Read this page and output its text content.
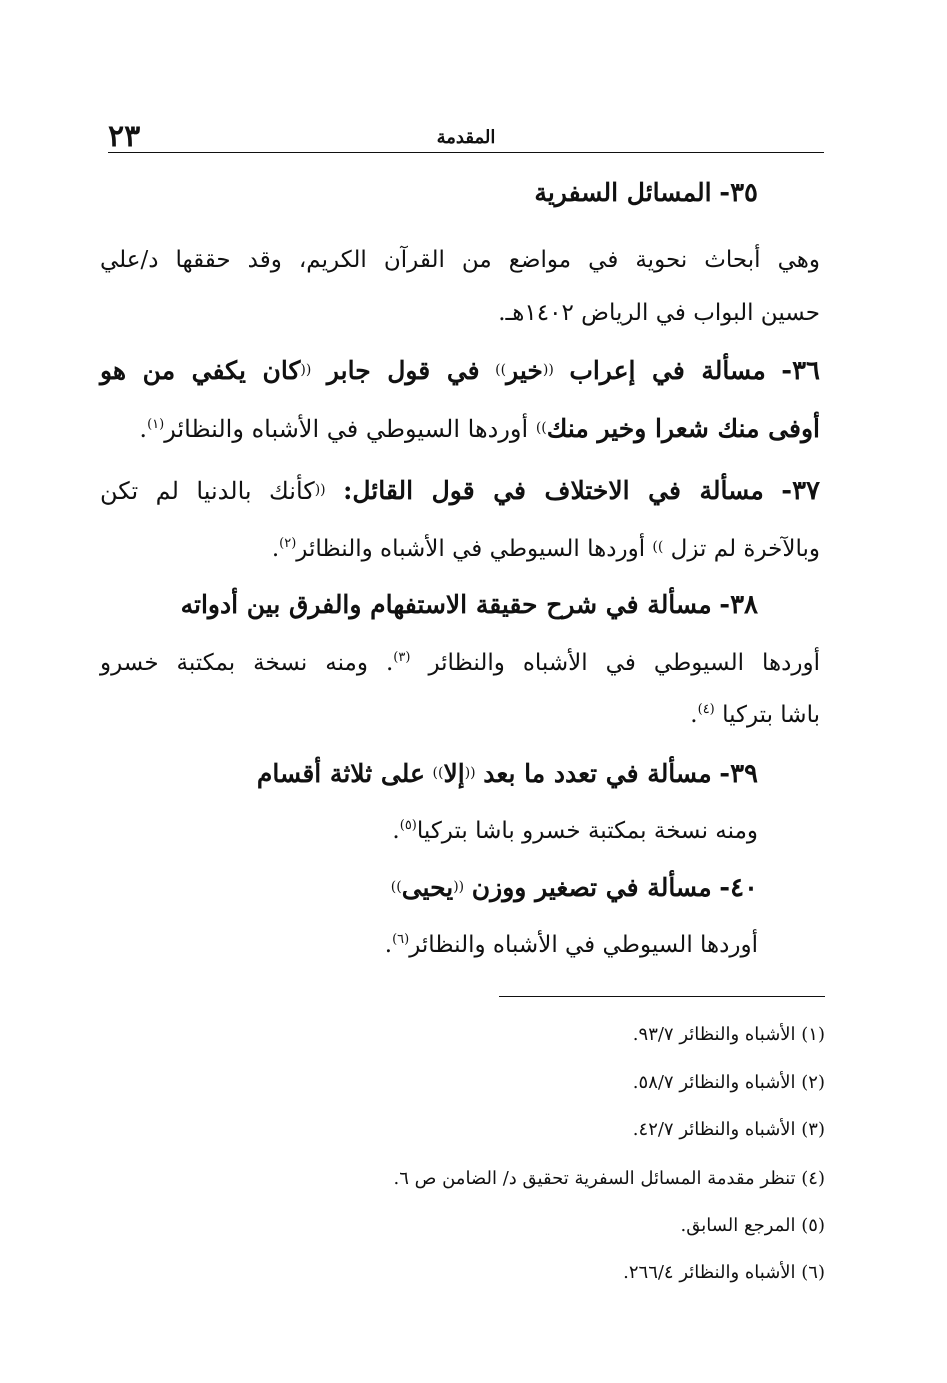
٢٣	المقدمة
٣٥- المسائل السفرية
وهي أبحاث نحوية في مواضع من القرآن الكريم، وقد حققها د/علي
حسين البواب في الرياض ١٤٠٢هـ.
٣٦- مسألة في إعراب ((خير)) في قول جابر ((كان يكفي من هو
أوفى منك شعرا وخير منك)) أوردها السيوطي في الأشباه والنظائر$^{(١)}$.
٣٧- مسألة في الاختلاف في قول القائل: ((كأنك بالدنيا لم تكن
وبالآخرة لم تزل )) أوردها السيوطي في الأشباه والنظائر$^{(٢)}$.
٣٨- مسألة في شرح حقيقة الاستفهام والفرق بين أدواته
أوردها السيوطي في الأشباه والنظائر $^{(٣)}$. ومنه نسخة بمكتبة خسرو
باشا بتركيا $^{(٤)}$.
٣٩- مسألة في تعدد ما بعد ((إلا)) على ثلاثة أقسام
ومنه نسخة بمكتبة خسرو باشا بتركيا$^{(٥)}$.
٤٠- مسألة في تصغير ووزن ((يحيى))
أوردها السيوطي في الأشباه والنظائر$^{(٦)}$.
(١) الأشباه والنظائر ٩٣/٧.
(٢) الأشباه والنظائر ٥٨/٧.
(٣) الأشباه والنظائر ٤٢/٧.
(٤) تنظر مقدمة المسائل السفرية تحقيق د/ الضامن ص ٦.
(٥) المرجع السابق.
(٦) الأشباه والنظائر ٢٦٦/٤.
